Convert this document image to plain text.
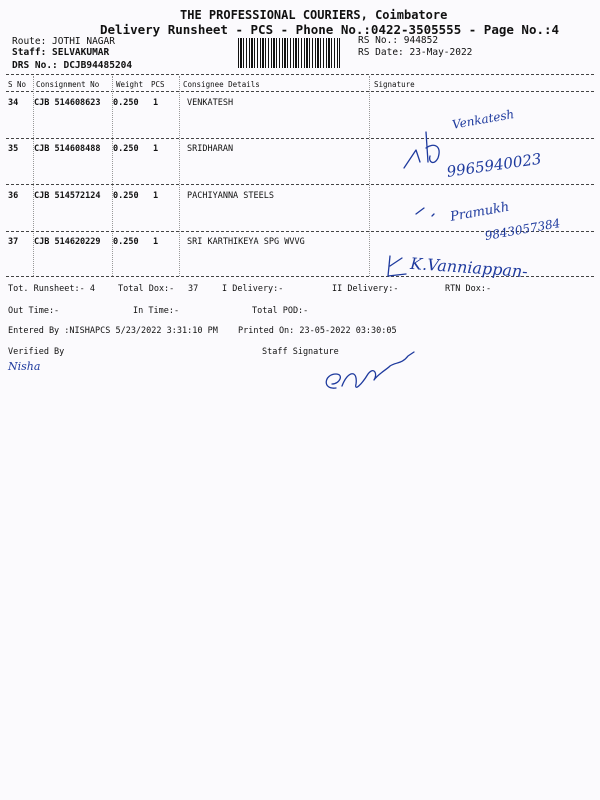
THE PROFESSIONAL COURIERS, Coimbatore
Delivery Runsheet - PCS - Phone No.:0422-3505555 - Page No.:4
Route: JOTHI NAGAR
Staff: SELVAKUMAR
DRS No.: DCJB94485204
RS No.: 944852
RS Date: 23-May-2022
S No Consignment No Weight PCS Consignee Details	Signature
34 CJB 514608623 0.250 1	VENKATESH
35 CJB 514608488 0.250 1	SRIDHARAN
36 CJB 514572124 0.250 1	PACHIYANNA STEELS
37 CJB 514620229 0.250 1	SRI KARTHIKEYA SPG WVVG
Tot. Runsheet:- 4	Total Dox:- 37	I Delivery:-	II Delivery:-	RTN Dox:-
Out Time:-	In Time:-	Total POD:-
Entered By :NISHAPCS 5/23/2022 3:31:10 PM Printed On: 23-05-2022 03:30:05
Verified By	Staff Signature
Venkatesh
9965940023
Pramukh
9843057384
K.Vanniappan-
Nisha
